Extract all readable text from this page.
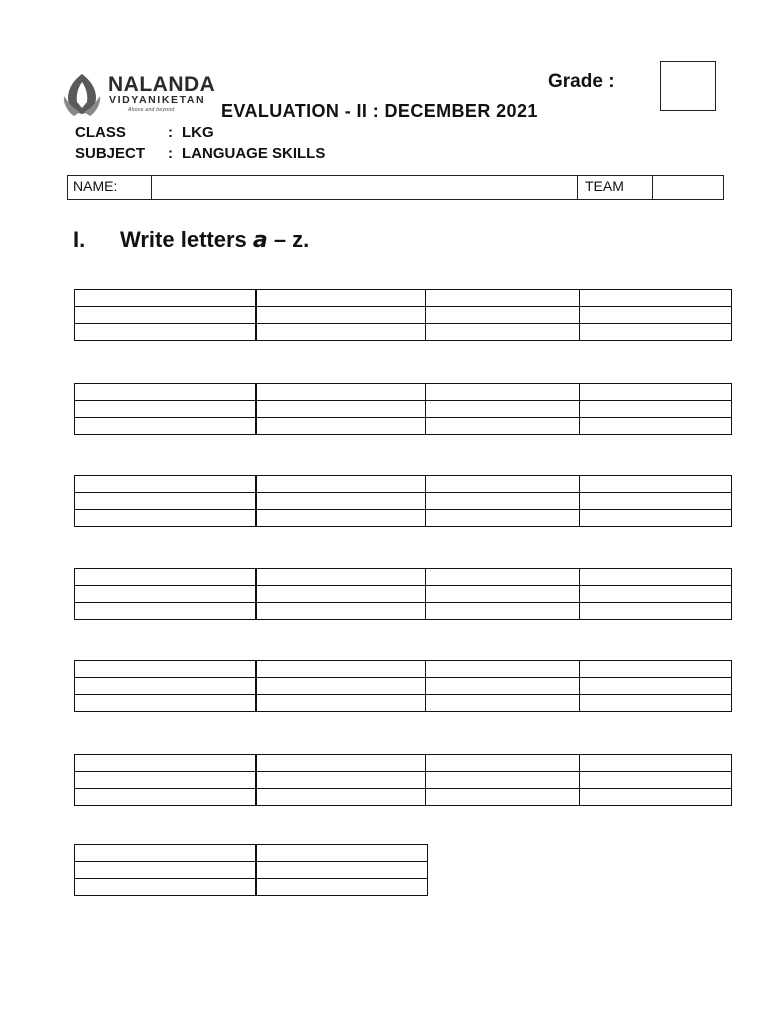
NALANDA
VIDYANIKETAN
Above and beyond
Grade :
EVALUATION - II : DECEMBER 2021
CLASS	: LKG
SUBJECT : LANGUAGE SKILLS
NAME:	TEAM
I. Write letters a – z.
